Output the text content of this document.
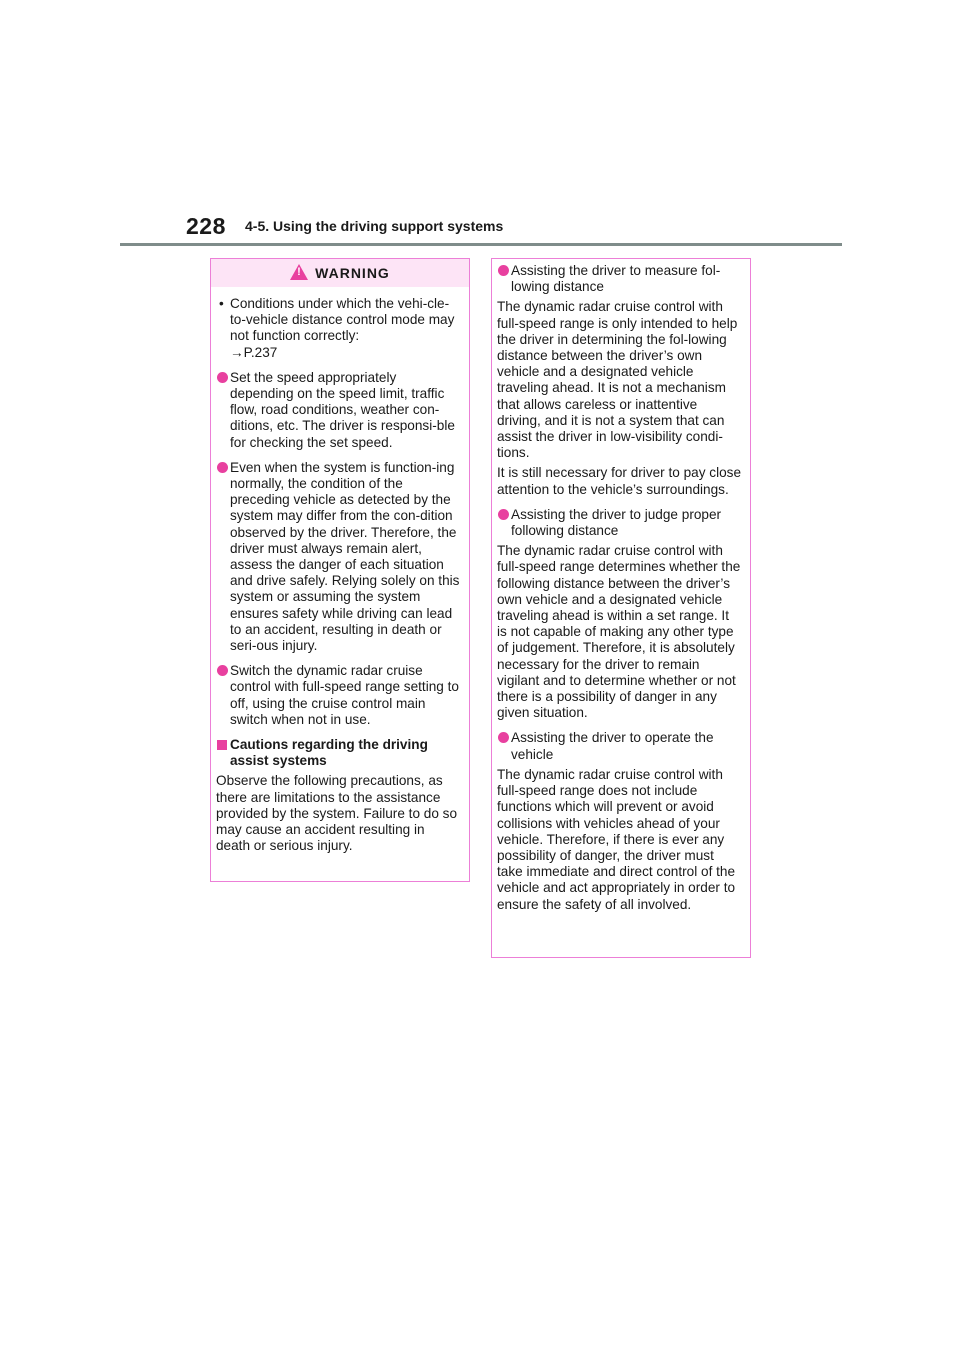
228 4-5. Using the driving support systems
!
WARNING
• Conditions under which the vehi-cle-to-vehicle distance control mode may not function correctly:
→P.237
Set the speed appropriately depending on the speed limit, traffic flow, road conditions, weather con-ditions, etc. The driver is responsi-ble for checking the set speed.
Even when the system is function-ing normally, the condition of the preceding vehicle as detected by the system may differ from the con-dition observed by the driver. Therefore, the driver must always remain alert, assess the danger of each situation and drive safely. Relying solely on this system or assuming the system ensures safety while driving can lead to an accident, resulting in death or seri-ous injury.
Switch the dynamic radar cruise control with full-speed range setting to off, using the cruise control main switch when not in use.
Cautions regarding the driving assist systems
Observe the following precautions, as there are limitations to the assistance provided by the system. Failure to do so may cause an accident resulting in death or serious injury.
Assisting the driver to measure fol-lowing distance
The dynamic radar cruise control with full-speed range is only intended to help the driver in determining the fol-lowing distance between the driver’s own vehicle and a designated vehicle traveling ahead. It is not a mechanism that allows careless or inattentive driving, and it is not a system that can assist the driver in low-visibility condi-tions.
It is still necessary for driver to pay close attention to the vehicle’s surroundings.
Assisting the driver to judge proper following distance
The dynamic radar cruise control with full-speed range determines whether the following distance between the driver’s own vehicle and a designated vehicle traveling ahead is within a set range. It is not capable of making any other type of judgement. Therefore, it is absolutely necessary for the driver to remain vigilant and to determine whether or not there is a possibility of danger in any given situation.
Assisting the driver to operate the vehicle
The dynamic radar cruise control with full-speed range does not include functions which will prevent or avoid collisions with vehicles ahead of your vehicle. Therefore, if there is ever any possibility of danger, the driver must take immediate and direct control of the vehicle and act appropriately in order to ensure the safety of all involved.
